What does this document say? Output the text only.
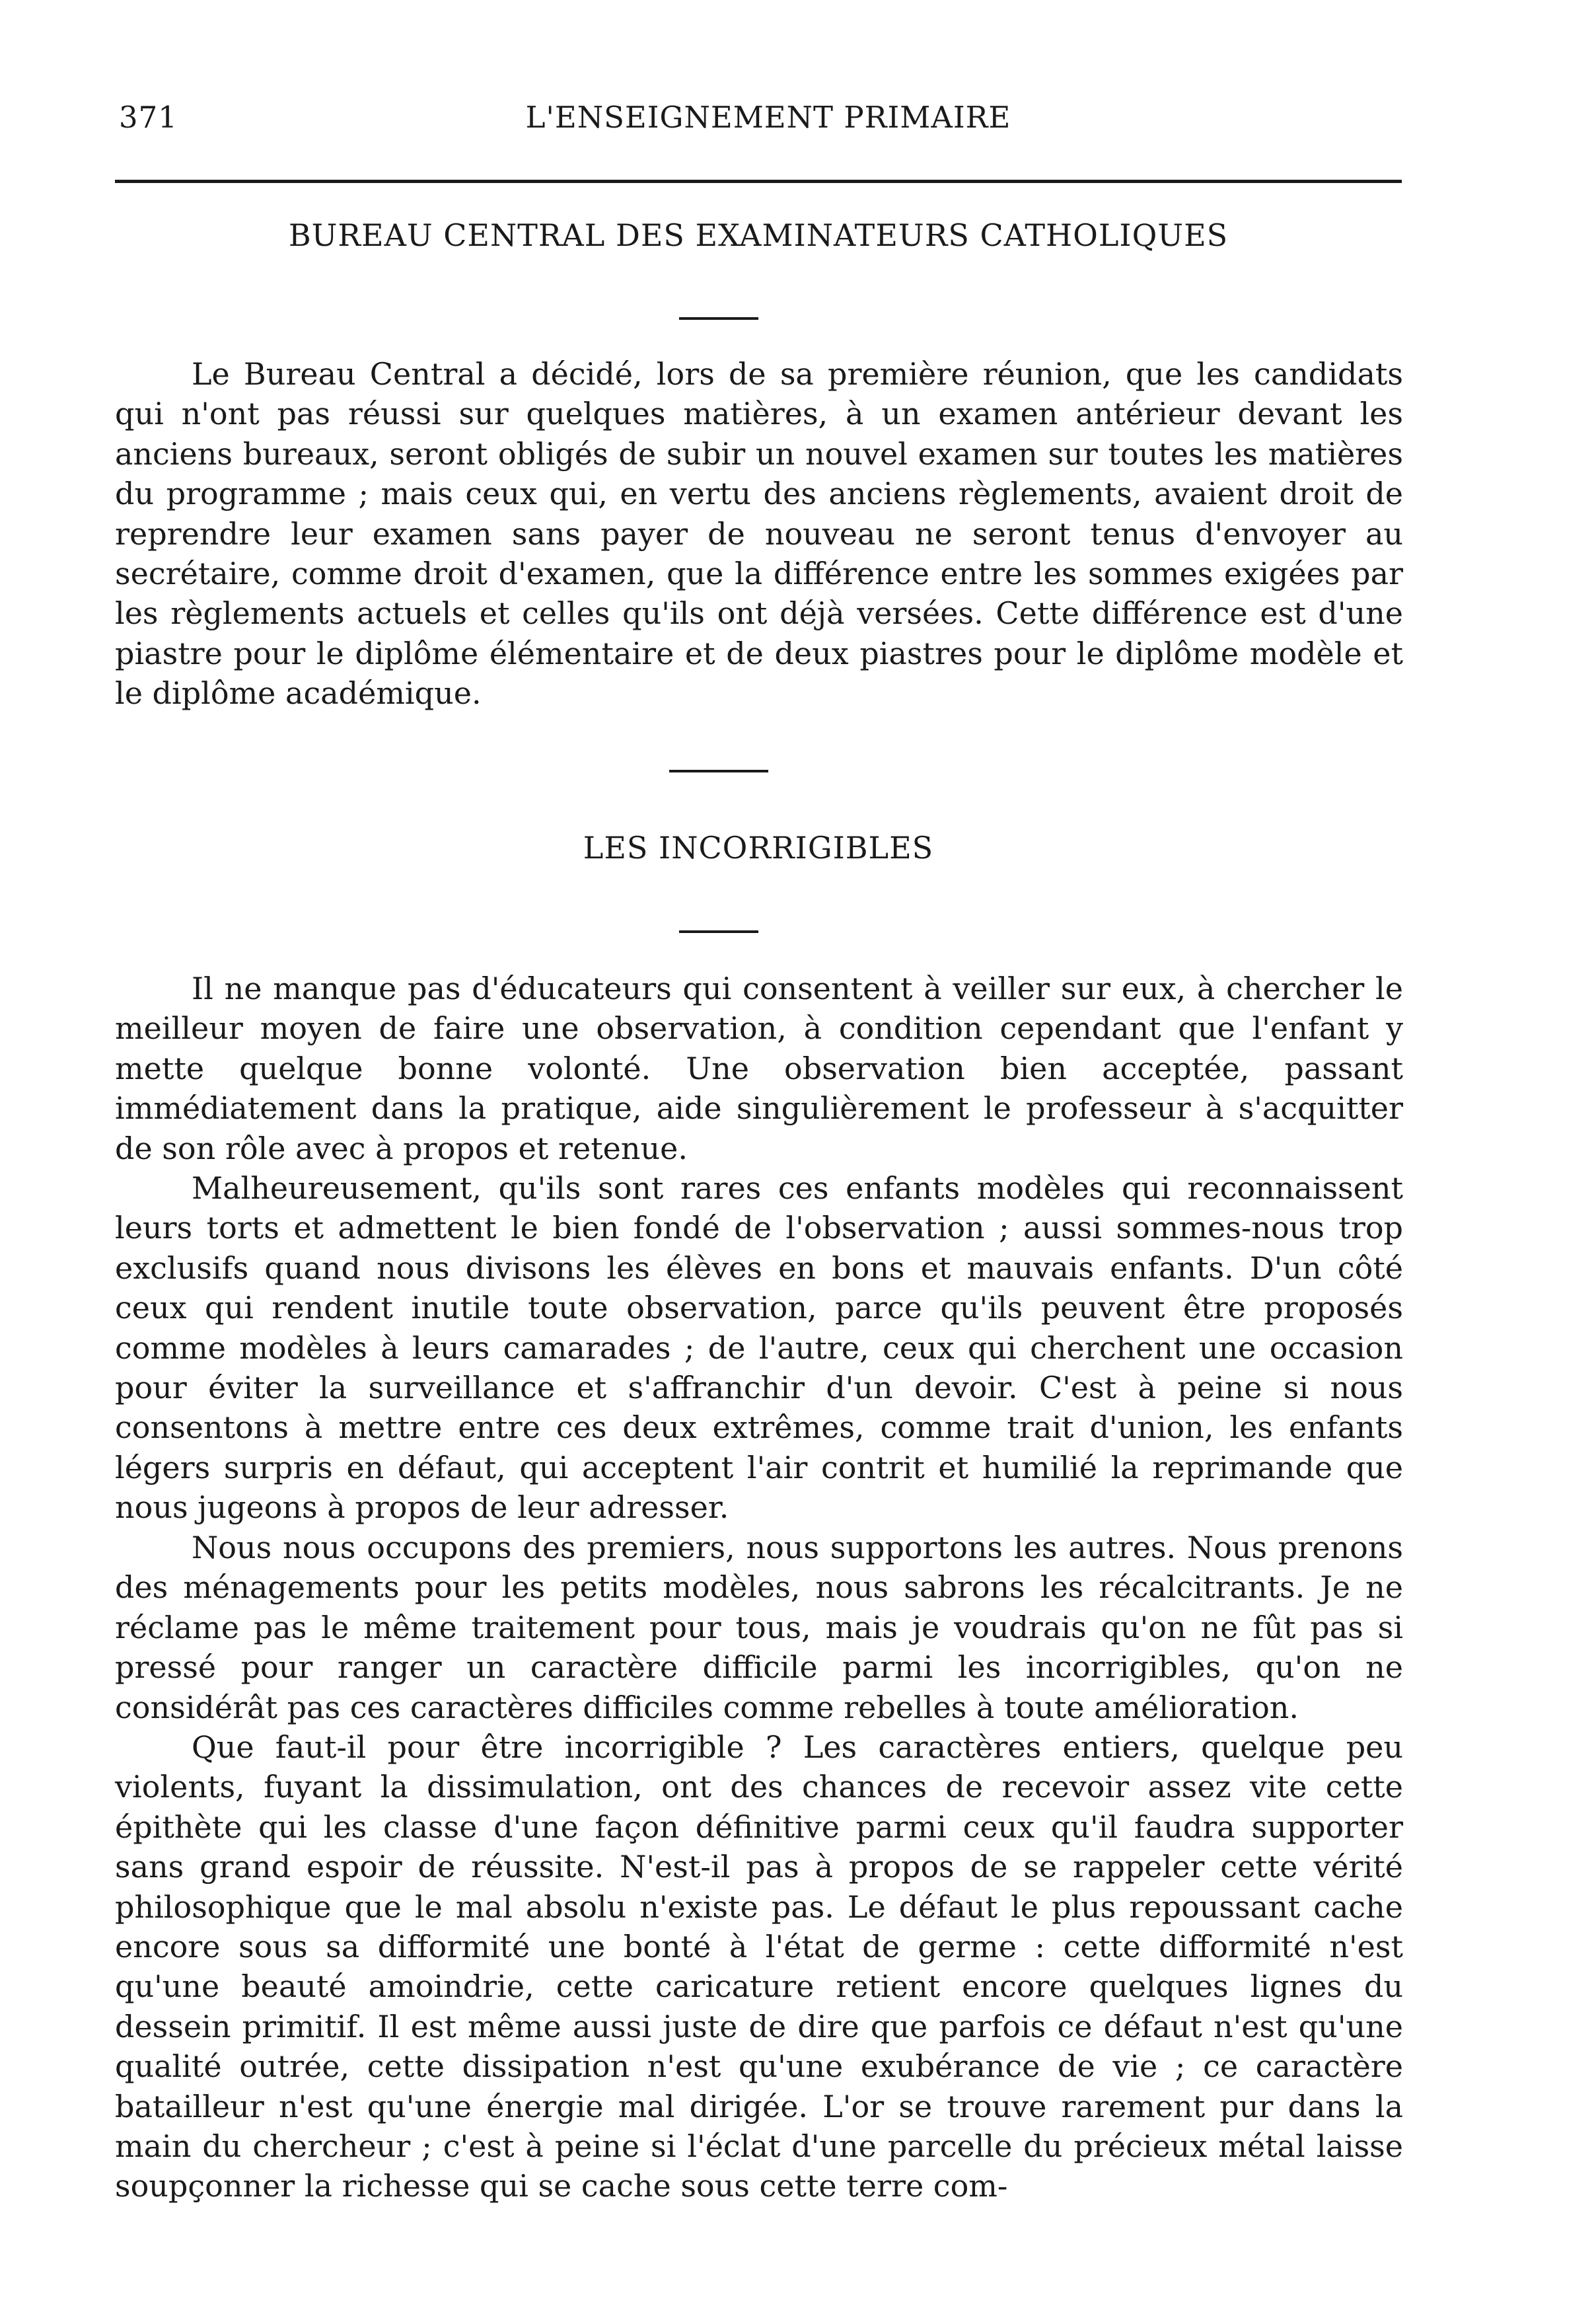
371	L'ENSEIGNEMENT PRIMAIRE
BUREAU CENTRAL DES EXAMINATEURS CATHOLIQUES

Le Bureau Central a décidé, lors de sa première réunion, que les candidats qui n'ont pas réussi sur quelques matières, à un examen antérieur devant les anciens bureaux, seront obligés de subir un nouvel examen sur toutes les matières du programme ; mais ceux qui, en vertu des anciens règlements, avaient droit de reprendre leur examen sans payer de nouveau ne seront tenus d'envoyer au secrétaire, comme droit d'examen, que la différence entre les sommes exigées par les règlements actuels et celles qu'ils ont déjà versées. Cette différence est d'une piastre pour le diplôme élémentaire et de deux piastres pour le diplôme modèle et le diplôme académique.

LES INCORRIGIBLES

Il ne manque pas d'éducateurs qui consentent à veiller sur eux, à chercher le meilleur moyen de faire une observation, à condition cependant que l'enfant y mette quelque bonne volonté. Une observation bien acceptée, passant immédiatement dans la pratique, aide singulièrement le professeur à s'acquitter de son rôle avec à propos et retenue.

Malheureusement, qu'ils sont rares ces enfants modèles qui reconnaissent leurs torts et admettent le bien fondé de l'observation ; aussi sommes-nous trop exclusifs quand nous divisons les élèves en bons et mauvais enfants. D'un côté ceux qui rendent inutile toute observation, parce qu'ils peuvent être proposés comme modèles à leurs camarades ; de l'autre, ceux qui cherchent une occasion pour éviter la surveillance et s'affranchir d'un devoir. C'est à peine si nous consentons à mettre entre ces deux extrêmes, comme trait d'union, les enfants légers surpris en défaut, qui acceptent l'air contrit et humilié la reprimande que nous jugeons à propos de leur adresser.

Nous nous occupons des premiers, nous supportons les autres. Nous prenons des ménagements pour les petits modèles, nous sabrons les récalcitrants. Je ne réclame pas le même traitement pour tous, mais je voudrais qu'on ne fût pas si pressé pour ranger un caractère difficile parmi les incorrigibles, qu'on ne considérât pas ces caractères difficiles comme rebelles à toute amélioration.

Que faut-il pour être incorrigible ? Les caractères entiers, quelque peu violents, fuyant la dissimulation, ont des chances de recevoir assez vite cette épithète qui les classe d'une façon définitive parmi ceux qu'il faudra supporter sans grand espoir de réussite. N'est-il pas à propos de se rappeler cette vérité philosophique que le mal absolu n'existe pas. Le défaut le plus repoussant cache encore sous sa difformité une bonté à l'état de germe : cette difformité n'est qu'une beauté amoindrie, cette caricature retient encore quelques lignes du dessein primitif. Il est même aussi juste de dire que parfois ce défaut n'est qu'une qualité outrée, cette dissipation n'est qu'une exubérance de vie ; ce caractère batailleur n'est qu'une énergie mal dirigée. L'or se trouve rarement pur dans la main du chercheur ; c'est à peine si l'éclat d'une parcelle du précieux métal laisse soupçonner la richesse qui se cache sous cette terre com-
